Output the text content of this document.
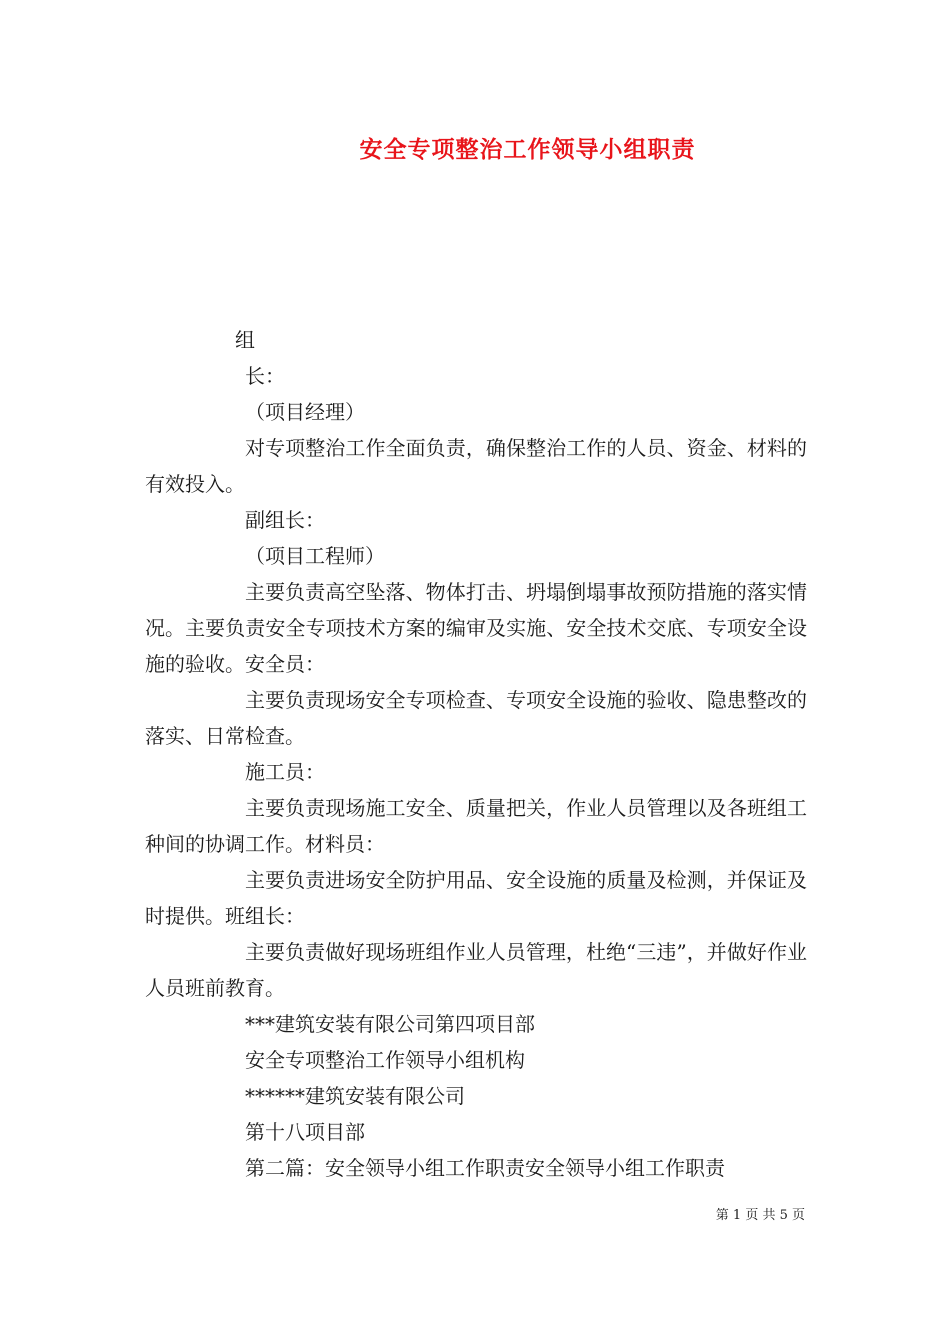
安全专项整治工作领导小组职责

组

长：

（项目经理）

对专项整治工作全面负责，确保整治工作的人员、资金、材料的有效投入。

副组长：

（项目工程师）

主要负责高空坠落、物体打击、坍塌倒塌事故预防措施的落实情况。主要负责安全专项技术方案的编审及实施、安全技术交底、专项安全设施的验收。安全员：

主要负责现场安全专项检查、专项安全设施的验收、隐患整改的落实、日常检查。

施工员：

主要负责现场施工安全、质量把关，作业人员管理以及各班组工种间的协调工作。材料员：

主要负责进场安全防护用品、安全设施的质量及检测，并保证及时提供。班组长：

主要负责做好现场班组作业人员管理，杜绝“三违”，并做好作业人员班前教育。

***建筑安装有限公司第四项目部

安全专项整治工作领导小组机构

******建筑安装有限公司

第十八项目部

第二篇：安全领导小组工作职责安全领导小组工作职责

第 1 页 共 5 页
